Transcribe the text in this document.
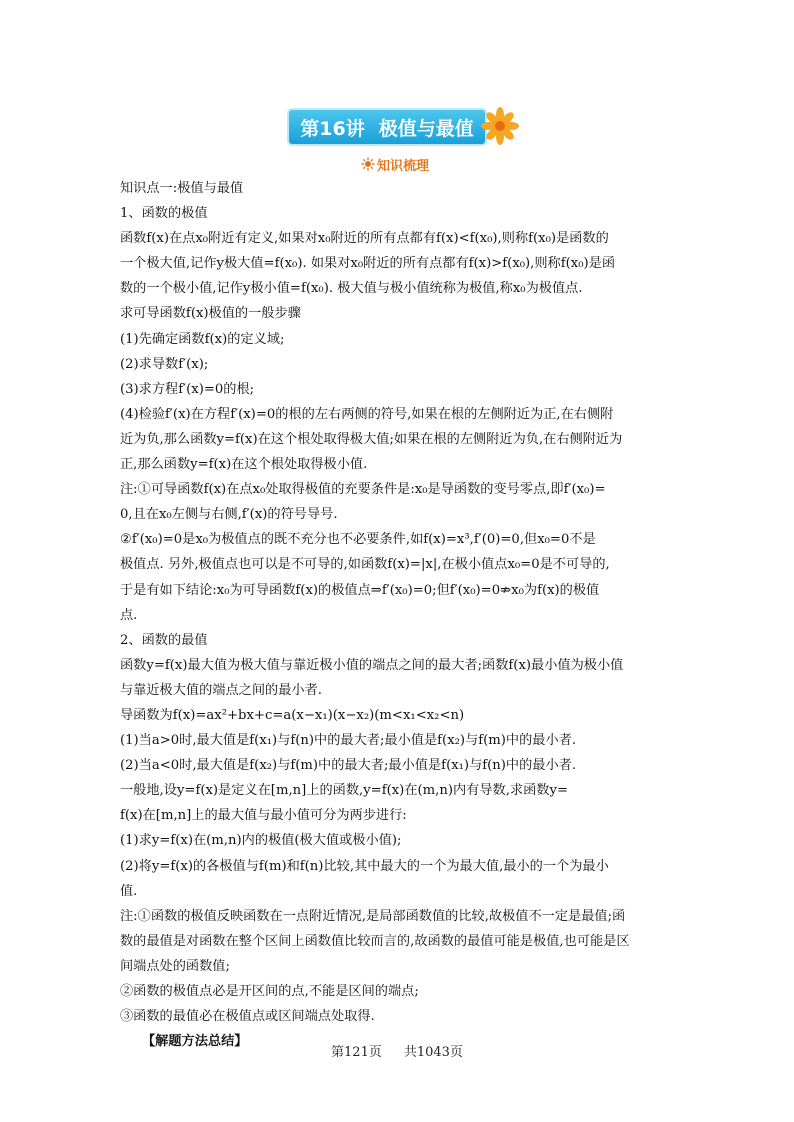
第16讲 极值与最值
知识梳理

知识点一:极值与最值

1、函数的极值

函数f(x)在点x₀附近有定义,如果对x₀附近的所有点都有f(x)<f(x₀),则称f(x₀)是函数的

一个极大值,记作y极大值=f(x₀). 如果对x₀附近的所有点都有f(x)>f(x₀),则称f(x₀)是函

数的一个极小值,记作y极小值=f(x₀). 极大值与极小值统称为极值,称x₀为极值点.

求可导函数f(x)极值的一般步骤

(1)先确定函数f(x)的定义域;

(2)求导数f′(x);

(3)求方程f′(x)=0的根;

(4)检验f′(x)在方程f′(x)=0的根的左右两侧的符号,如果在根的左侧附近为正,在右侧附

近为负,那么函数y=f(x)在这个根处取得极大值;如果在根的左侧附近为负,在右侧附近为

正,那么函数y=f(x)在这个根处取得极小值.

注:①可导函数f(x)在点x₀处取得极值的充要条件是:x₀是导函数的变号零点,即f′(x₀)=

0,且在x₀左侧与右侧,f′(x)的符号导号.

②f′(x₀)=0是x₀为极值点的既不充分也不必要条件,如f(x)=x³,f′(0)=0,但x₀=0不是

极值点. 另外,极值点也可以是不可导的,如函数f(x)=|x|,在极小值点x₀=0是不可导的,

于是有如下结论:x₀为可导函数f(x)的极值点⇒f′(x₀)=0;但f′(x₀)=0⇏x₀为f(x)的极值

点.

2、函数的最值

函数y=f(x)最大值为极大值与靠近极小值的端点之间的最大者;函数f(x)最小值为极小值

与靠近极大值的端点之间的最小者.

导函数为f(x)=ax²+bx+c=a(x−x₁)(x−x₂)(m<x₁<x₂<n)

(1)当a>0时,最大值是f(x₁)与f(n)中的最大者;最小值是f(x₂)与f(m)中的最小者.

(2)当a<0时,最大值是f(x₂)与f(m)中的最大者;最小值是f(x₁)与f(n)中的最小者.

一般地,设y=f(x)是定义在[m,n]上的函数,y=f(x)在(m,n)内有导数,求函数y=

f(x)在[m,n]上的最大值与最小值可分为两步进行:

(1)求y=f(x)在(m,n)内的极值(极大值或极小值);

(2)将y=f(x)的各极值与f(m)和f(n)比较,其中最大的一个为最大值,最小的一个为最小

值.

注:①函数的极值反映函数在一点附近情况,是局部函数值的比较,故极值不一定是最值;函

数的最值是对函数在整个区间上函数值比较而言的,故函数的最值可能是极值,也可能是区

间端点处的函数值;

②函数的极值点必是开区间的点,不能是区间的端点;

③函数的最值必在极值点或区间端点处取得.

【解题方法总结】

第121页 共1043页
